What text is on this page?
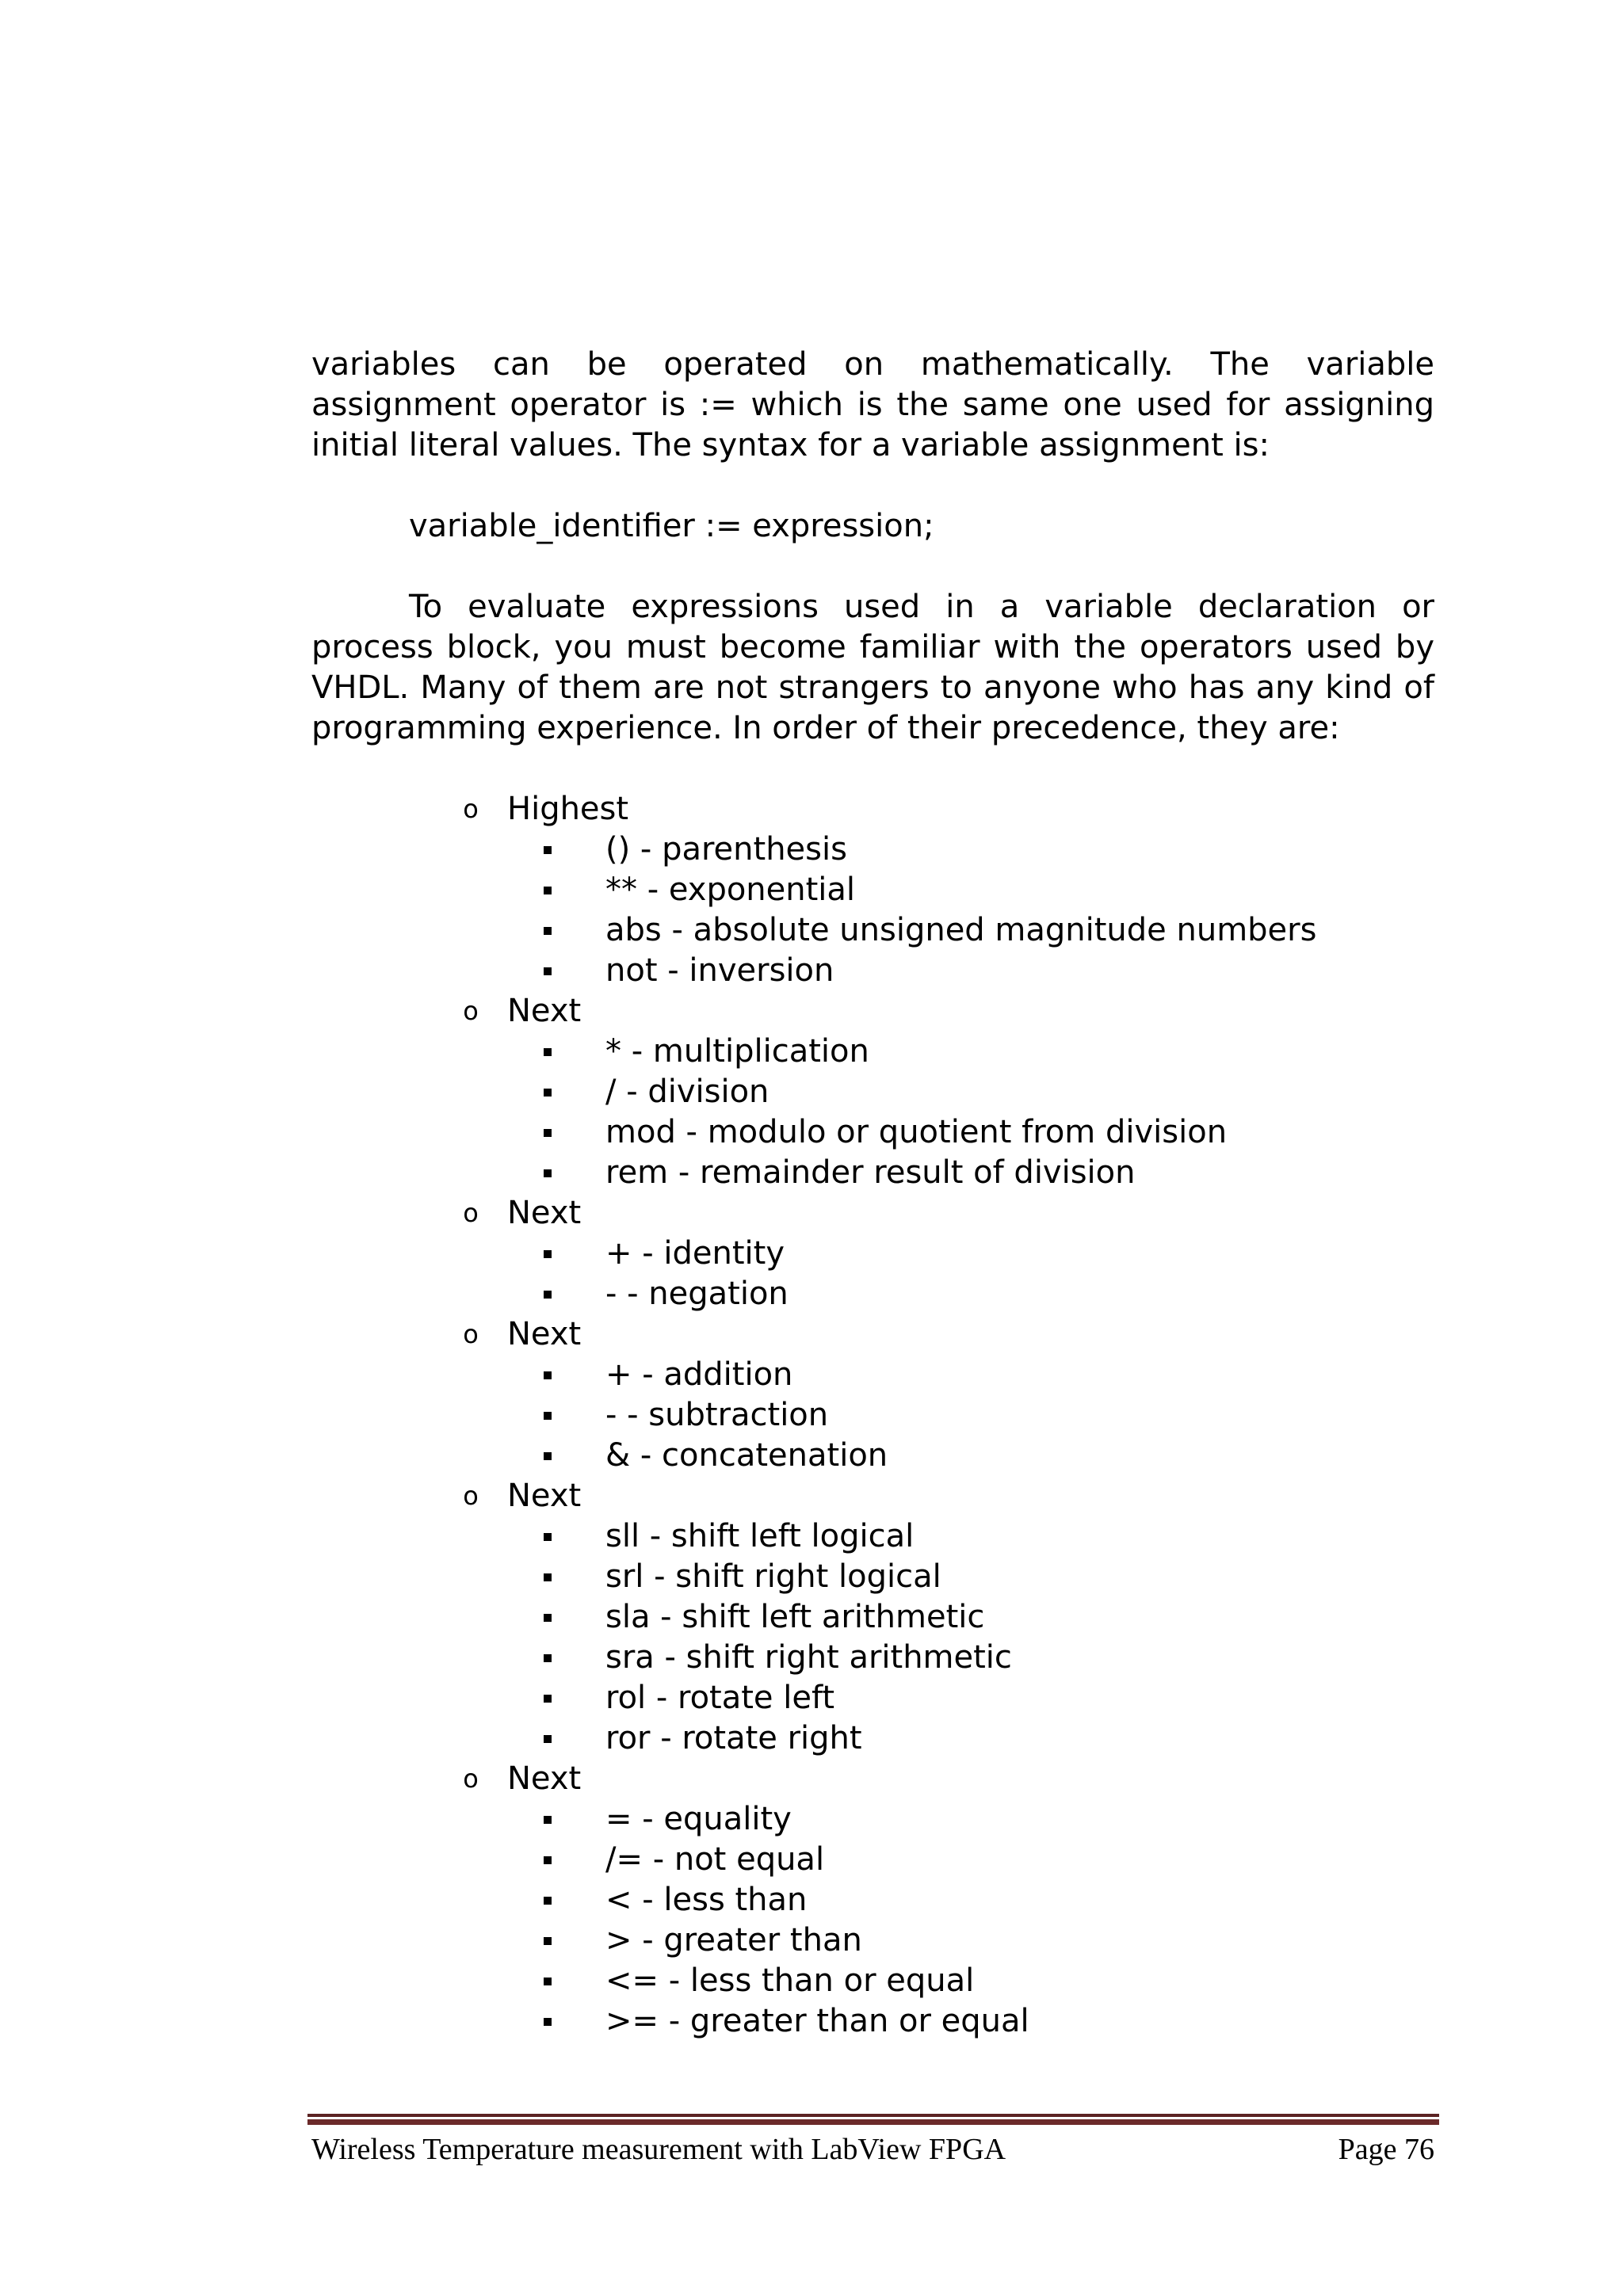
variables can be operated on mathematically. The variable assignment operator is := which is the same one used for assigning initial literal values. The syntax for a variable assignment is:

variable_identifier := expression;

To evaluate expressions used in a variable declaration or process block, you must become familiar with the operators used by VHDL. Many of them are not strangers to anyone who has any kind of programming experience. In order of their precedence, they are:

o Highest
() - parenthesis
** - exponential
abs - absolute unsigned magnitude numbers
not - inversion
o Next
* - multiplication
/ - division
mod - modulo or quotient from division
rem - remainder result of division
o Next
+ - identity
- - negation
o Next
+ - addition
- - subtraction
& - concatenation
o Next
sll - shift left logical
srl - shift right logical
sla - shift left arithmetic
sra - shift right arithmetic
rol - rotate left
ror - rotate right
o Next
= - equality
/= - not equal
< - less than
> - greater than
<= - less than or equal
>= - greater than or equal
Wireless Temperature measurement with LabView FPGA	Page 76
